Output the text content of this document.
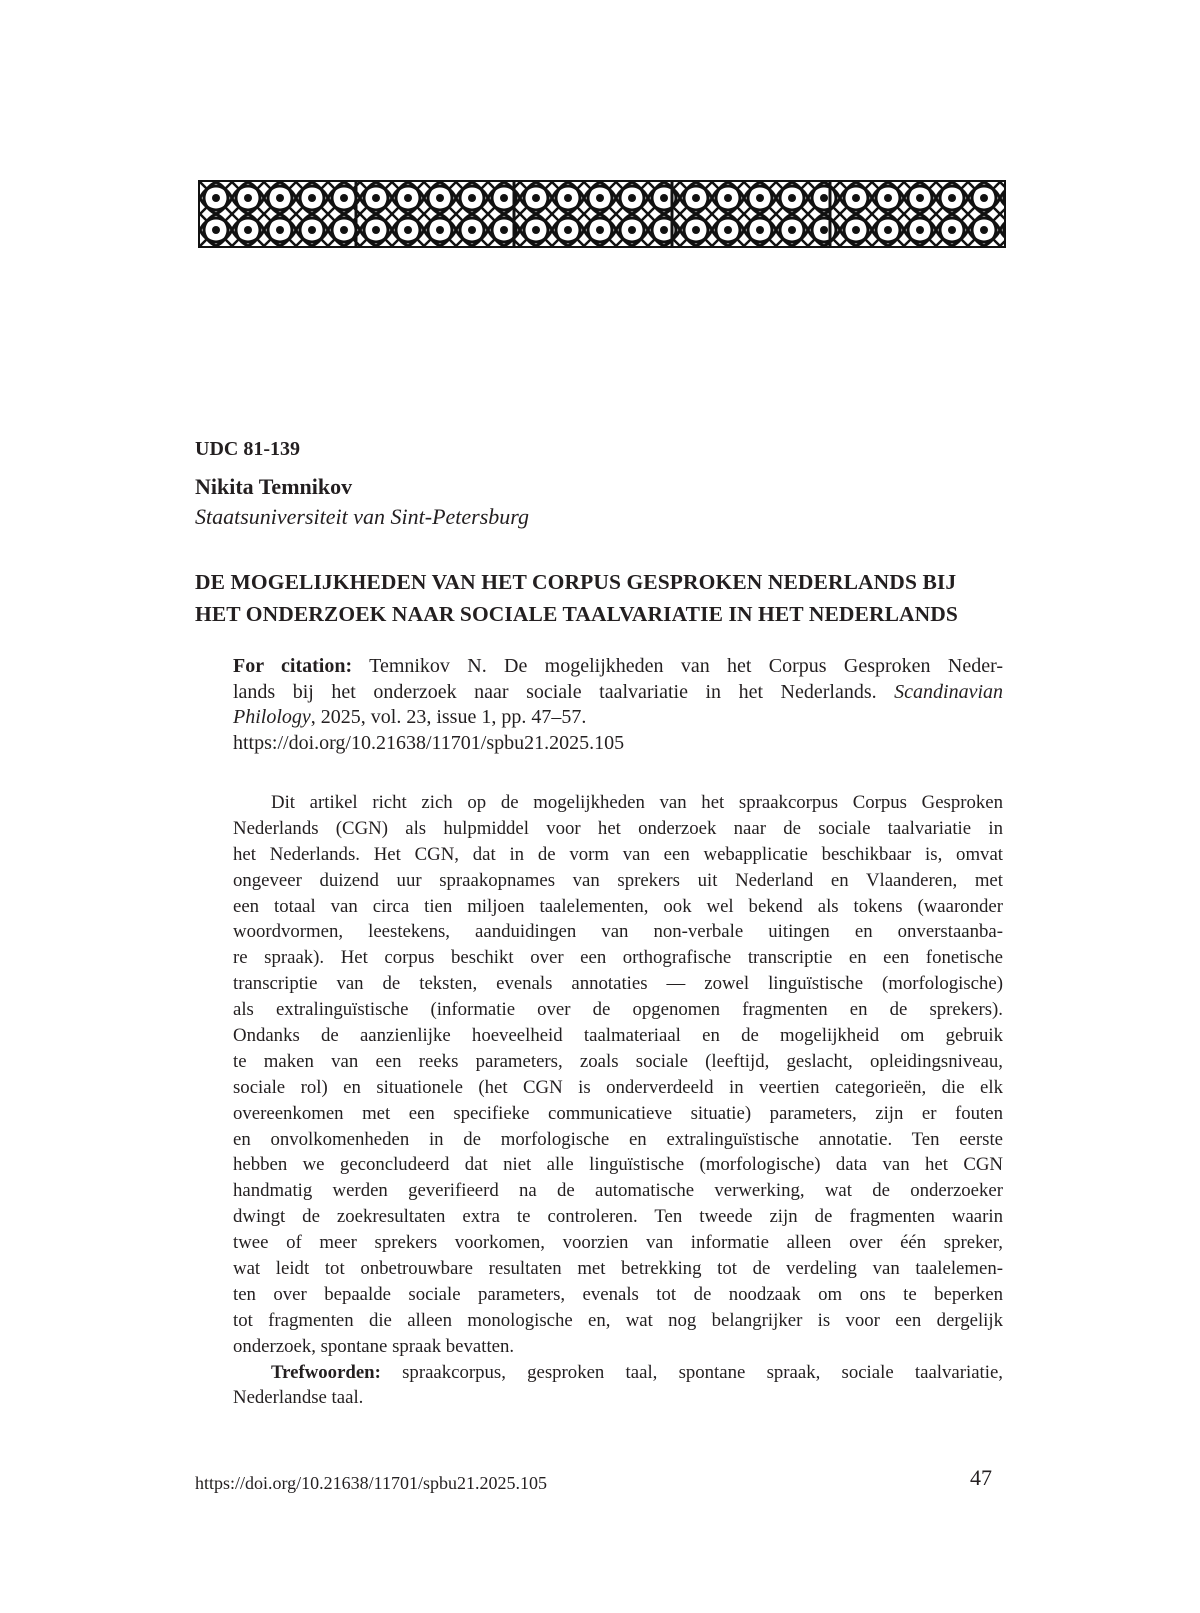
UDC 81-139
Nikita Temnikov
Staatsuniversiteit van Sint-Petersburg
DE MOGELIJKHEDEN VAN HET CORPUS GESPROKEN NEDERLANDS BIJ
HET ONDERZOEK NAAR SOCIALE TAALVARIATIE IN HET NEDERLANDS
For citation: Temnikov N. De mogelijkheden van het Corpus Gesproken Neder-
lands bij het onderzoek naar sociale taalvariatie in het Nederlands. Scandinavian
Philology, 2025, vol. 23, issue 1, pp. 47–57.
https://doi.org/10.21638/11701/spbu21.2025.105
Dit artikel richt zich op de mogelijkheden van het spraakcorpus Corpus Gesproken
Nederlands (CGN) als hulpmiddel voor het onderzoek naar de sociale taalvariatie in
het Nederlands. Het CGN, dat in de vorm van een webapplicatie beschikbaar is, omvat
ongeveer duizend uur spraakopnames van sprekers uit Nederland en Vlaanderen, met
een totaal van circa tien miljoen taalelementen, ook wel bekend als tokens (waaronder
woordvormen, leestekens, aanduidingen van non-verbale uitingen en onverstaanba-
re spraak). Het corpus beschikt over een orthografische transcriptie en een fonetische
transcriptie van de teksten, evenals annotaties — zowel linguïstische (morfologische)
als extralinguïstische (informatie over de opgenomen fragmenten en de sprekers).
Ondanks de aanzienlijke hoeveelheid taalmateriaal en de mogelijkheid om gebruik
te maken van een reeks parameters, zoals sociale (leeftijd, geslacht, opleidingsniveau,
sociale rol) en situationele (het CGN is onderverdeeld in veertien categorieën, die elk
overeenkomen met een specifieke communicatieve situatie) parameters, zijn er fouten
en onvolkomenheden in de morfologische en extralinguïstische annotatie. Ten eerste
hebben we geconcludeerd dat niet alle linguïstische (morfologische) data van het CGN
handmatig werden geverifieerd na de automatische verwerking, wat de onderzoeker
dwingt de zoekresultaten extra te controleren. Ten tweede zijn de fragmenten waarin
twee of meer sprekers voorkomen, voorzien van informatie alleen over één spreker,
wat leidt tot onbetrouwbare resultaten met betrekking tot de verdeling van taalelemen-
ten over bepaalde sociale parameters, evenals tot de noodzaak om ons te beperken
tot fragmenten die alleen monologische en, wat nog belangrijker is voor een dergelijk
onderzoek, spontane spraak bevatten.
Trefwoorden: spraakcorpus, gesproken taal, spontane spraak, sociale taalvariatie,
Nederlandse taal.
https://doi.org/10.21638/11701/spbu21.2025.105	47
